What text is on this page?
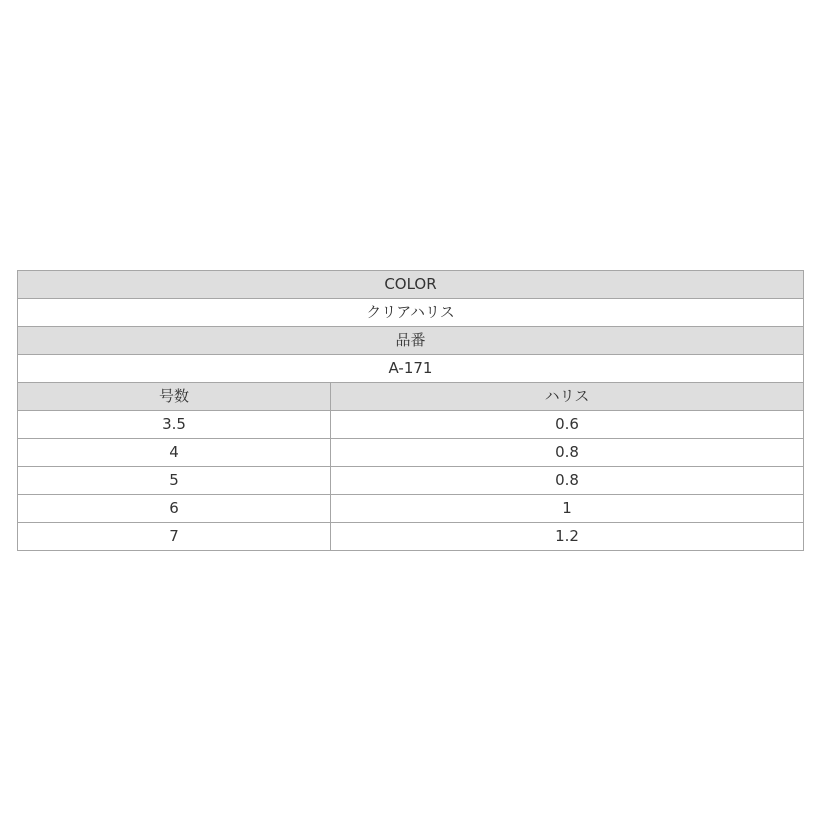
COLOR	
クリアハリス	
品番	
A-171	
号数	ハリス
3.5	0.6
4	0.8
5	0.8
6	1
7	1.2
